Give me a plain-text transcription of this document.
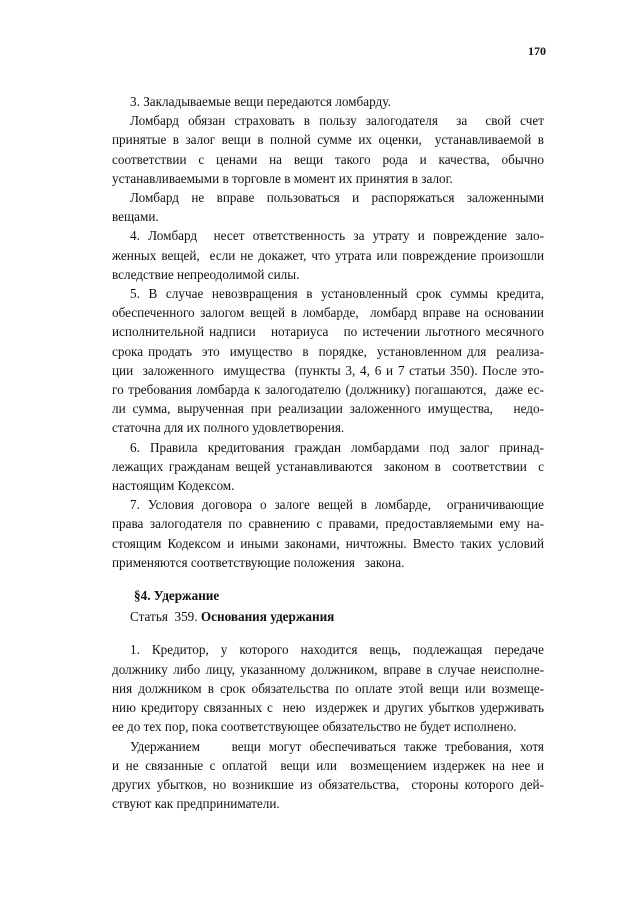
170
3. Закладываемые вещи передаются ломбарду.
Ломбард обязан страховать в пользу залогодателя  за  свой счет
принятые в залог вещи в полной сумме их оценки,  устанавливаемой в
соответствии  с  ценами  на  вещи  такого  рода  и  качества,  обычно
устанавливаемыми в торговле в момент их принятия в залог.
Ломбард не вправе пользоваться и распоряжаться заложенными
вещами.
4. Ломбард  несет ответственность за утрату и повреждение зало-
женных вещей,  если не докажет, что утрата или повреждение произошли
вследствие непреодолимой силы.
5. В случае невозвращения в установленный срок суммы кредита,
обеспеченного залогом вещей в ломбарде,  ломбард вправе на основании
исполнительной надписи   нотариуса   по истечении льготного месячного
срока продать  это  имущество  в  порядке,  установленном для  реализа-
ции  заложенного  имущества  (пункты 3, 4, 6 и 7 статьи 350). После это-
го требования ломбарда к залогодателю (должнику) погашаются,  даже ес-
ли сумма, вырученная при реализации заложенного имущества,   недо-
статочна для их полного удовлетворения.
6. Правила кредитования граждан ломбардами под залог принад-
лежащих гражданам вещей устанавливаются  законом в  соответствии  с
настоящим Кодексом.
7. Условия договора о залоге вещей в ломбарде,  ограничивающие
права залогодателя по сравнению с правами, предоставляемыми ему на-
стоящим Кодексом и иными законами, ничтожны. Вместо таких условий
применяются соответствующие положения   закона.
§4. Удержание
Статья  359. Основания удержания
1. Кредитор, у которого находится вещь, подлежащая передаче
должнику либо лицу, указанному должником, вправе в случае неисполне-
ния должником в срок обязательства по оплате этой вещи или возмеще-
нию кредитору связанных с  нею  издержек и других убытков удерживать
ее до тех пор, пока соответствующее обязательство не будет исполнено.
Удержанием    вещи могут обеспечиваться также требования, хотя
и не связанные с оплатой  вещи или  возмещением издержек на нее и
других убытков, но возникшие из обязательства,  стороны которого дей-
ствуют как предприниматели.
